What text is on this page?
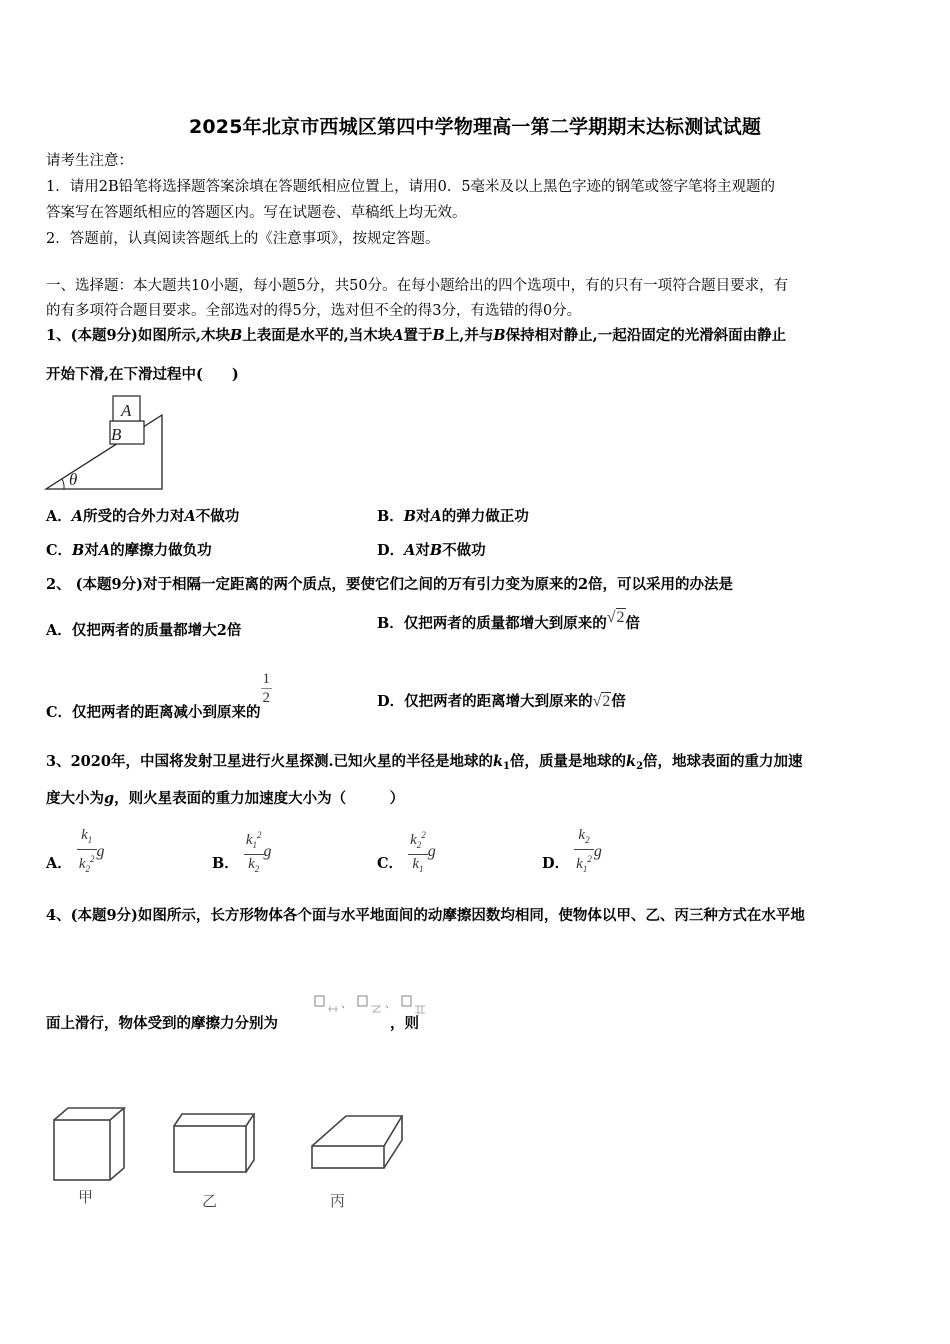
2025年北京市西城区第四中学物理高一第二学期期末达标测试试题
请考生注意：
1．请用2B铅笔将选择题答案涂填在答题纸相应位置上，请用0．5毫米及以上黑色字迹的钢笔或签字笔将主观题的
答案写在答题纸相应的答题区内。写在试题卷、草稿纸上均无效。
2．答题前，认真阅读答题纸上的《注意事项》，按规定答题。
一、选择题：本大题共10小题，每小题5分，共50分。在每小题给出的四个选项中，有的只有一项符合题目要求，有
的有多项符合题目要求。全部选对的得5分，选对但不全的得3分，有选错的得0分。
1、(本题9分)如图所示,木块B上表面是水平的,当木块A置于B上,并与B保持相对静止,一起沿固定的光滑斜面由静止
开始下滑,在下滑过程中(　　)
A
B
θ
A．A所受的合外力对A不做功	B．B对A的弹力做正功
C．B对A的摩擦力做负功	D．A对B不做功
2、 (本题9分)对于相隔一定距离的两个质点，要使它们之间的万有引力变为原来的2倍，可以采用的办法是
A．仅把两者的质量都增大2倍	B．仅把两者的质量都增大到原来的√2倍
C．仅把两者的距离减小到原来的
$\frac{1}{2}$	D．仅把两者的距离增大到原来的√2倍
3、2020年，中国将发射卫星进行火星探测.已知火星的半径是地球的$k_1$倍，质量是地球的$k_2$倍，地球表面的重力加速
度大小为g，则火星表面的重力加速度大小为（　　　）
A． $\frac{k_1}{k_2^2}$ g
B． $\frac{k_1^2}{k_2}$ g
C． $\frac{k_2^2}{k_1}$ g
D． $\frac{k_2}{k_1^2}$ g
4、(本题9分)如图所示，长方形物体各个面与水平地面间的动摩擦因数均相同，使物体以甲、乙、丙三种方式在水平地
面上滑行，物体受到的摩擦力分别为	，则
、	、
甲	乙	丙
